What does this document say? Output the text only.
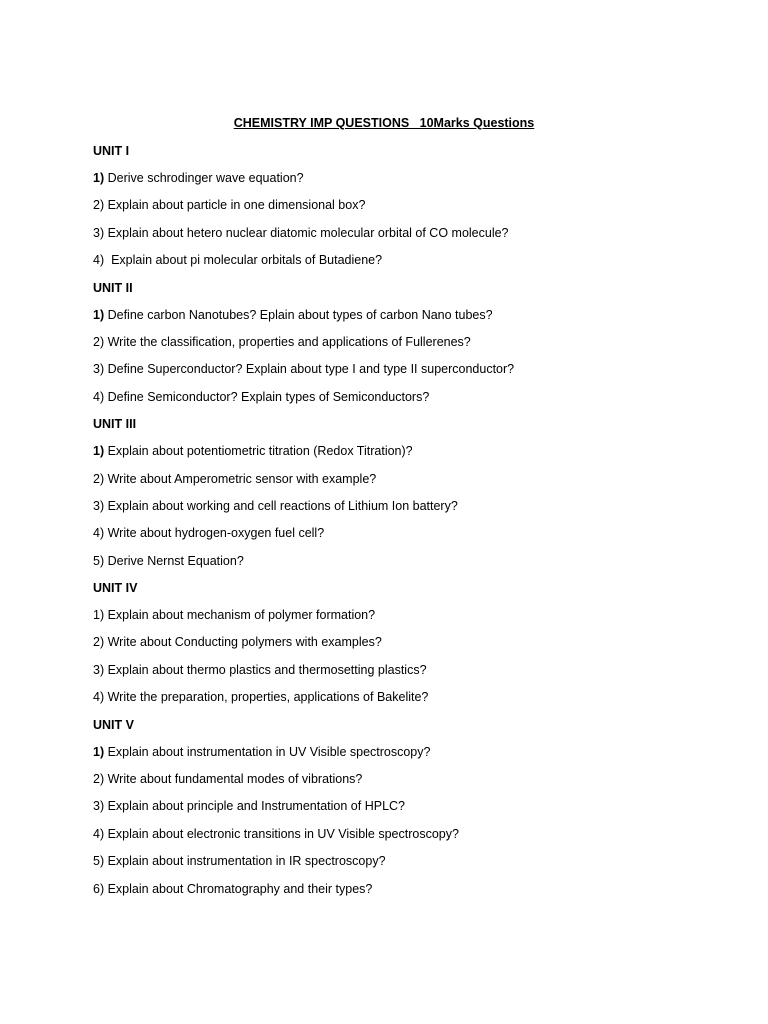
CHEMISTRY IMP QUESTIONS   10Marks Questions
UNIT I
1) Derive schrodinger wave equation?
2) Explain about particle in one dimensional box?
3) Explain about hetero nuclear diatomic molecular orbital of CO molecule?
4)  Explain about pi molecular orbitals of Butadiene?
UNIT II
1) Define carbon Nanotubes? Eplain about types of carbon Nano tubes?
2) Write the classification, properties and applications of Fullerenes?
3) Define Superconductor? Explain about type I and type II superconductor?
4) Define Semiconductor? Explain types of Semiconductors?
UNIT III
1) Explain about potentiometric titration (Redox Titration)?
2) Write about Amperometric sensor with example?
3) Explain about working and cell reactions of Lithium Ion battery?
4) Write about hydrogen-oxygen fuel cell?
5) Derive Nernst Equation?
UNIT IV
1) Explain about mechanism of polymer formation?
2) Write about Conducting polymers with examples?
3) Explain about thermo plastics and thermosetting plastics?
4) Write the preparation, properties, applications of Bakelite?
UNIT V
1) Explain about instrumentation in UV Visible spectroscopy?
2) Write about fundamental modes of vibrations?
3) Explain about principle and Instrumentation of HPLC?
4) Explain about electronic transitions in UV Visible spectroscopy?
5) Explain about instrumentation in IR spectroscopy?
6) Explain about Chromatography and their types?
